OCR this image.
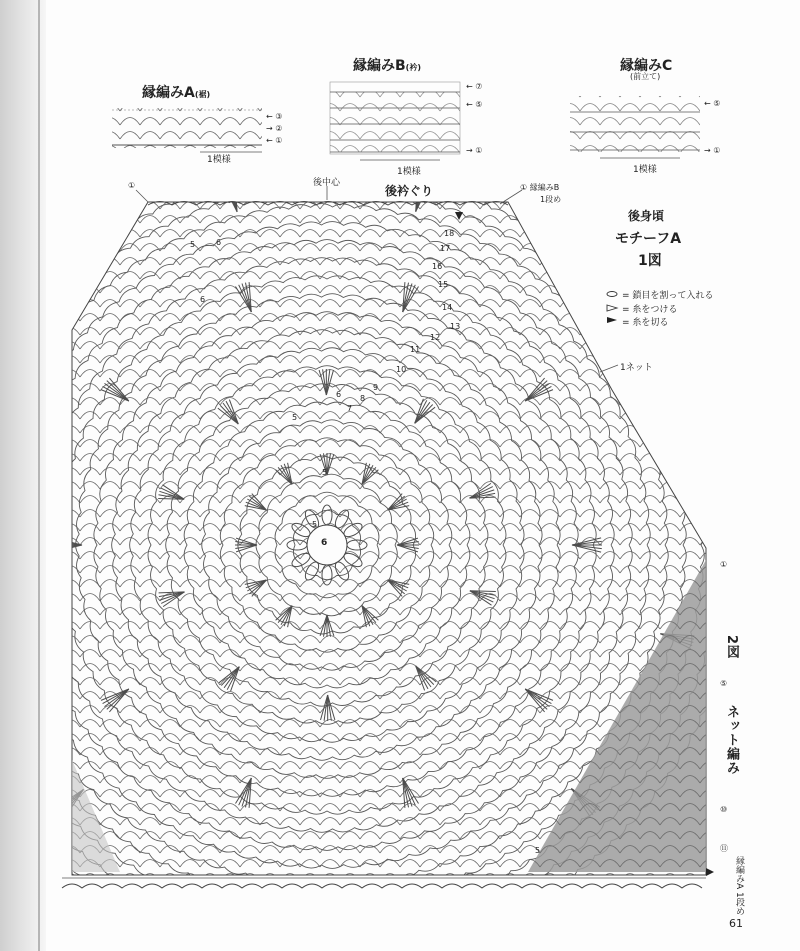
縁編みA(裾)
1模様
← ③
→ ②
← ①
縁編みB(衿)
1模様
← ⑦
← ⑤
→ ①
縁編みC
(前立て)
1模様
← ⑤
→ ①
後中心
後衿ぐり
①	① 縁編みB
1段め
6
1ネット
18
17
16
15
14
13
12
11
10
9
8
7
6
5
5	6
5
6
5
5
後身頃
モチーフA
1図
= 鎖目を割って入れる
= 糸をつける
= 糸を切る
①
⑤
⑩
⑪
2図
ネット編み
縁編みA 1段め
61
